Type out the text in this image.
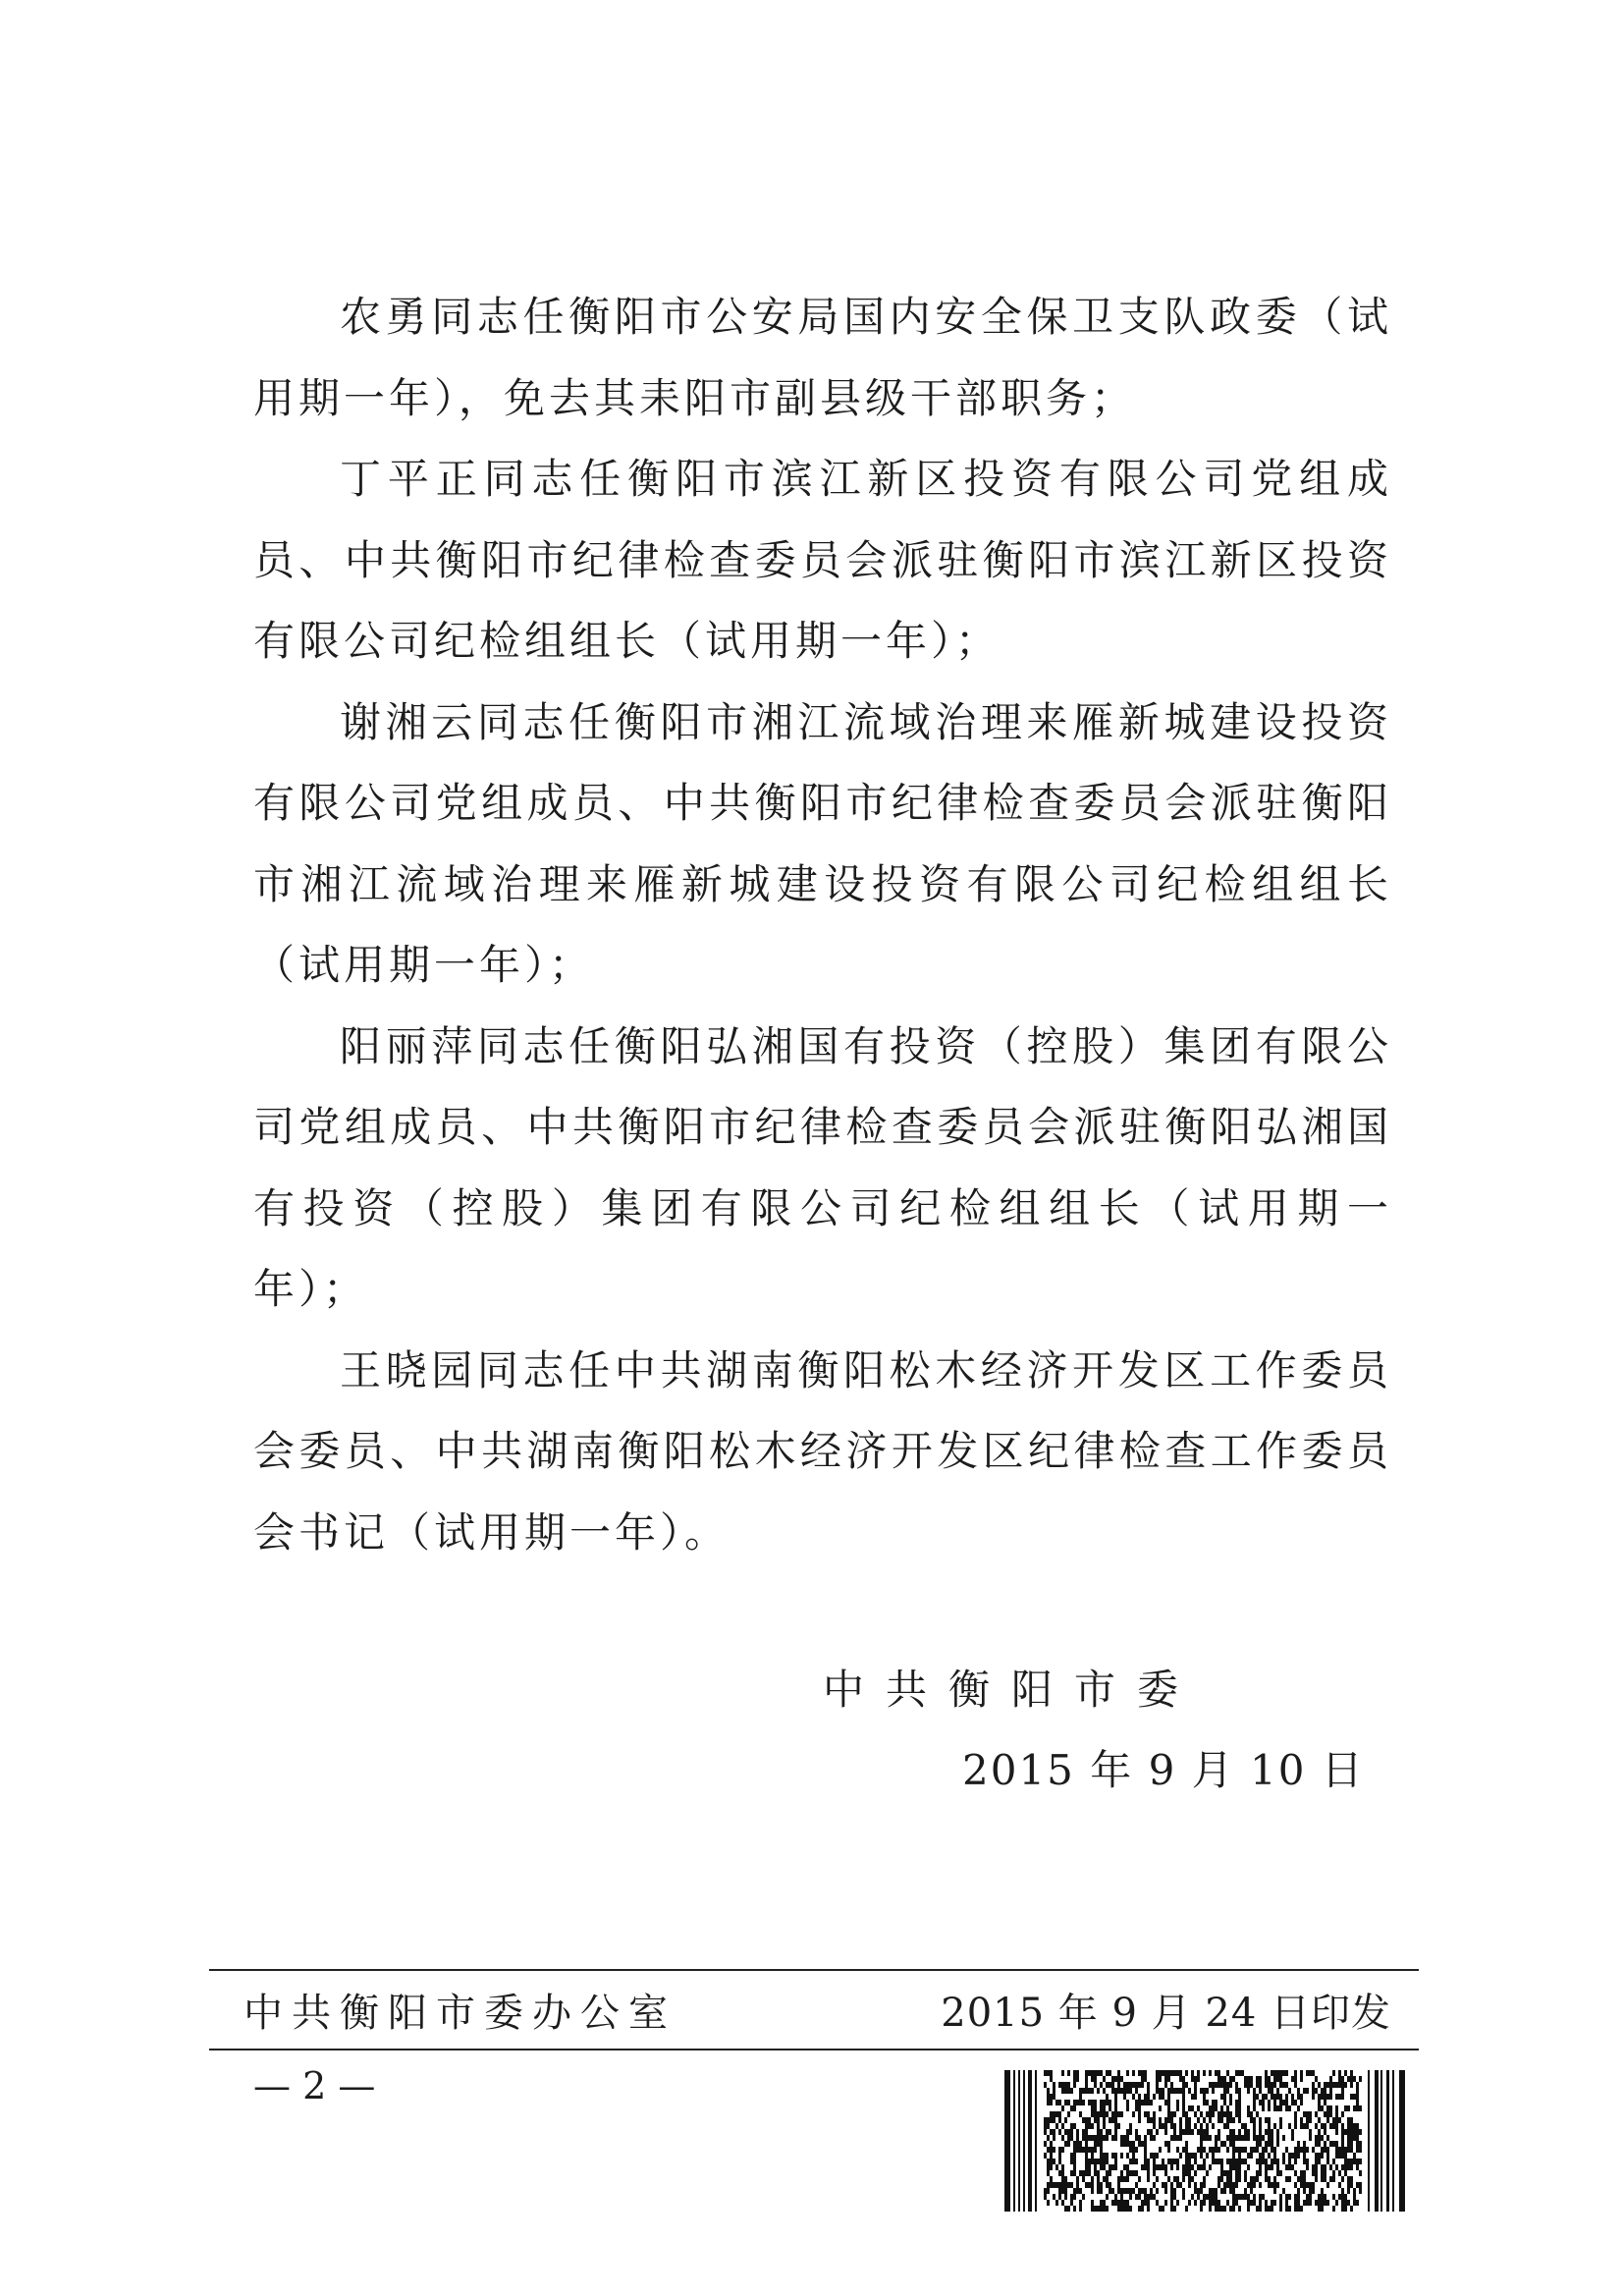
农勇同志任衡阳市公安局国内安全保卫支队政委（试用期一年），免去其耒阳市副县级干部职务；

丁平正同志任衡阳市滨江新区投资有限公司党组成员、中共衡阳市纪律检查委员会派驻衡阳市滨江新区投资有限公司纪检组组长（试用期一年）；

谢湘云同志任衡阳市湘江流域治理来雁新城建设投资有限公司党组成员、中共衡阳市纪律检查委员会派驻衡阳市湘江流域治理来雁新城建设投资有限公司纪检组组长（试用期一年）；

阳丽萍同志任衡阳弘湘国有投资（控股）集团有限公司党组成员、中共衡阳市纪律检查委员会派驻衡阳弘湘国有投资（控股）集团有限公司纪检组组长（试用期一年）；

王晓园同志任中共湖南衡阳松木经济开发区工作委员会委员、中共湖南衡阳松木经济开发区纪律检查工作委员会书记（试用期一年）。

中共衡阳市委
2015 年 9 月 10 日
中共衡阳市委办公室	2015 年 9 月 24 日印发
— 2 —
